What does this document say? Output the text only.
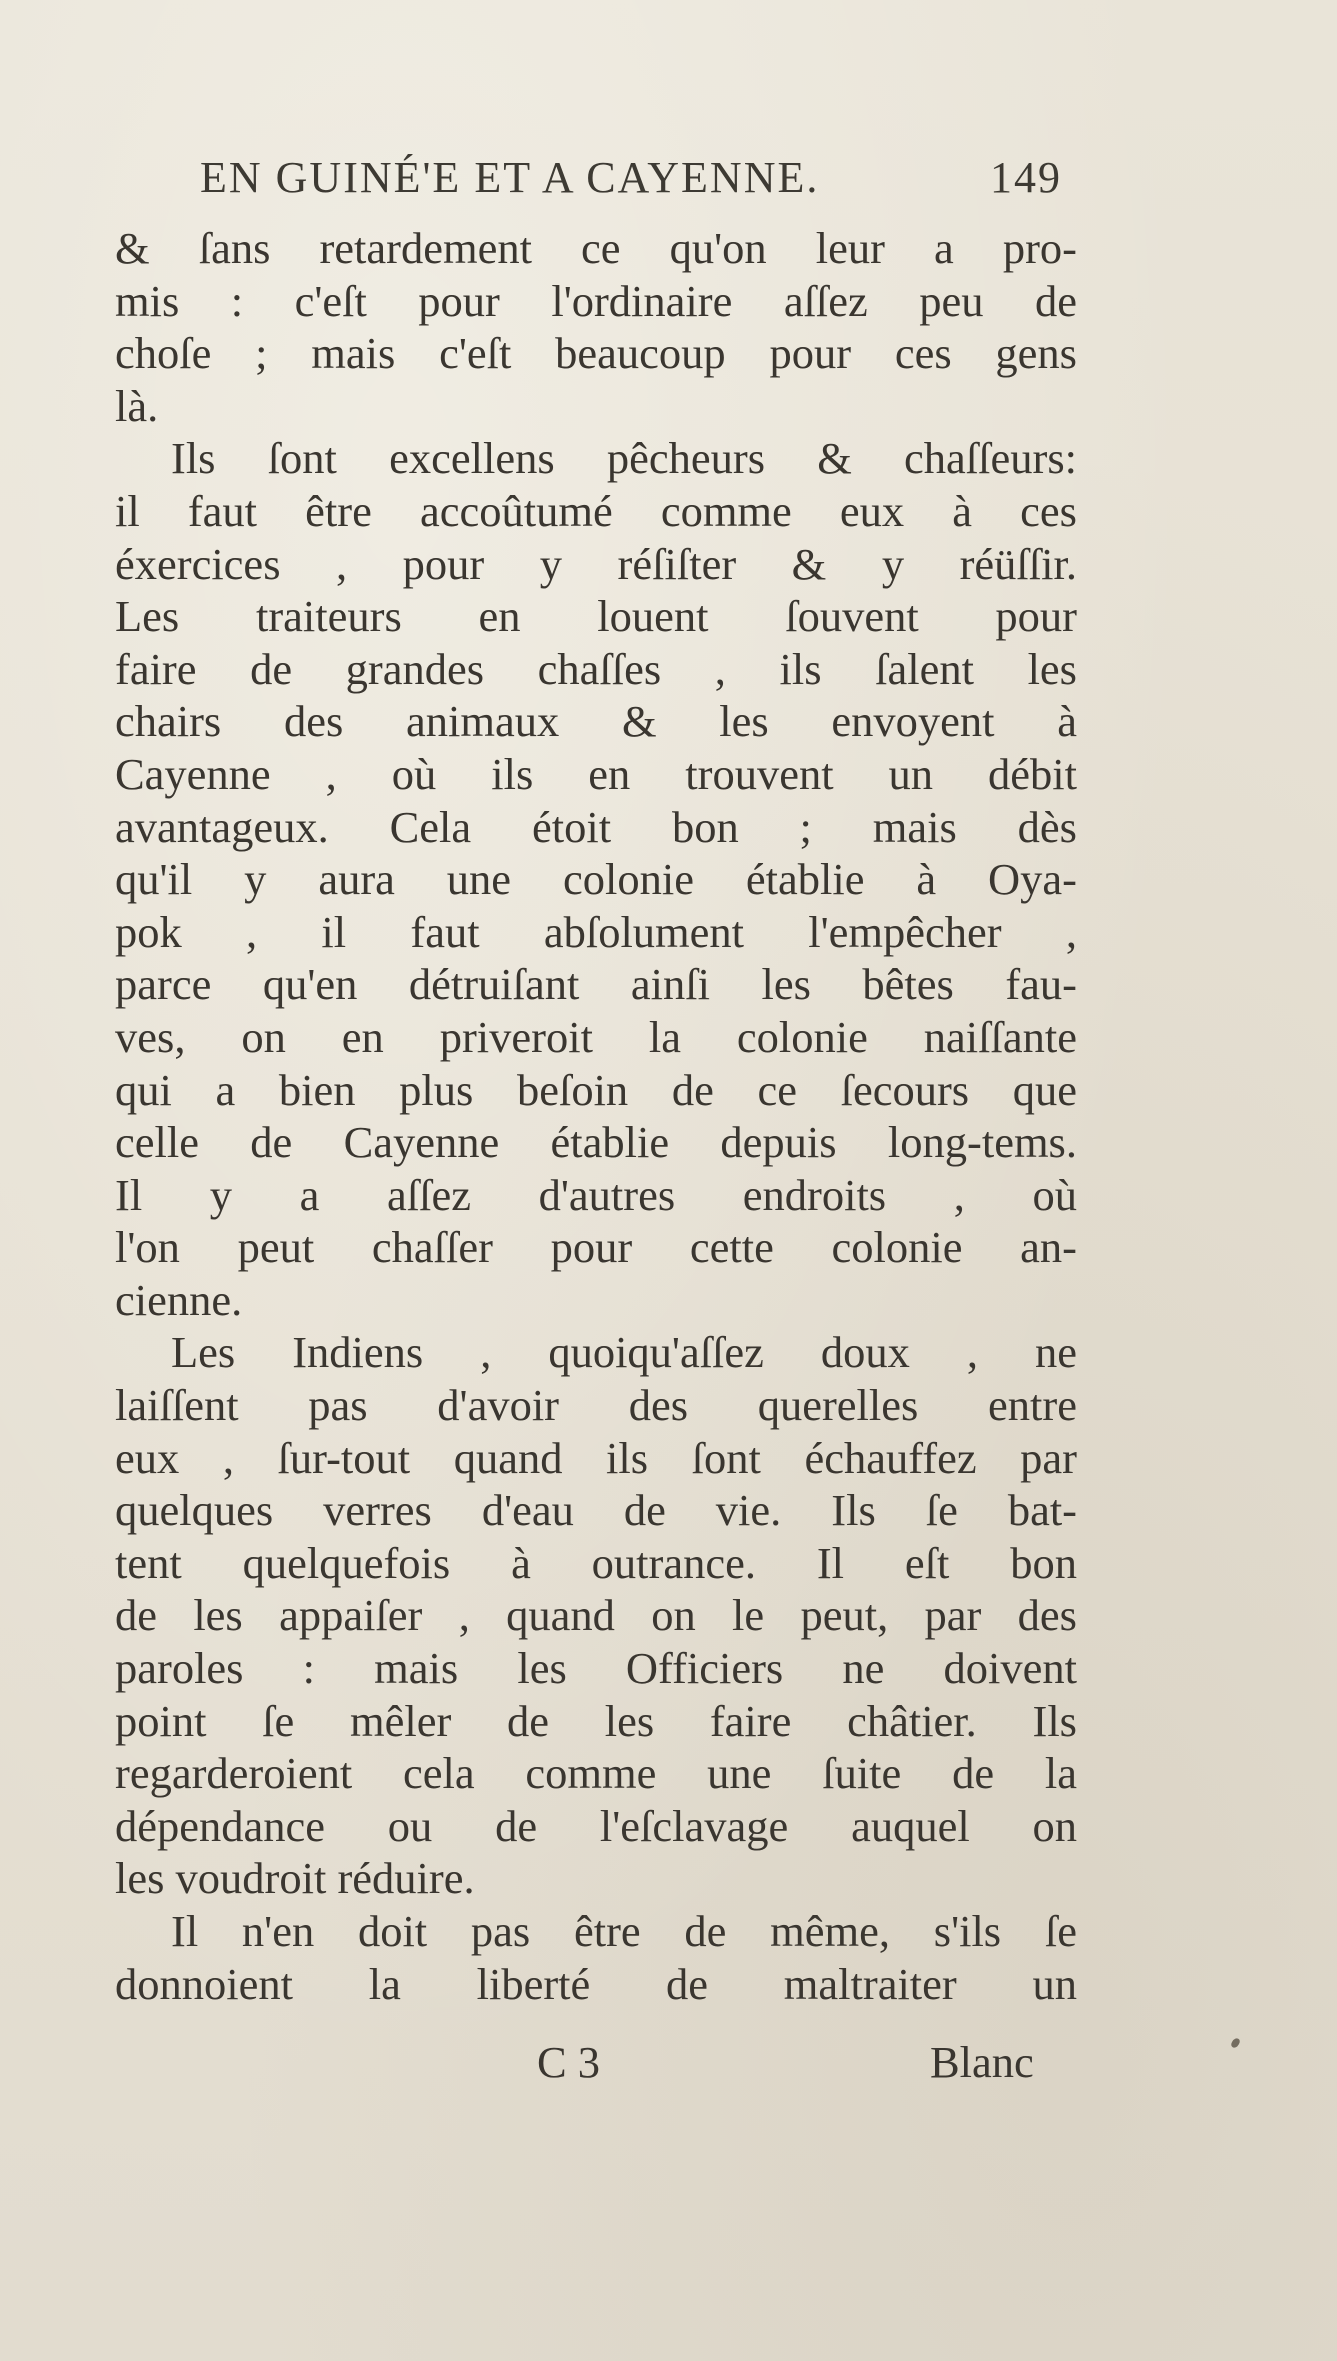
EN GUINÉ'E ET A CAYENNE.	149
& ſans retardement ce qu'on leur a pro-
mis : c'eſt pour l'ordinaire aſſez peu de
choſe ; mais c'eſt beaucoup pour ces gens
là.
Ils ſont excellens pêcheurs & chaſſeurs:
il faut être accoûtumé comme eux à ces
éxercices , pour y réſiſter & y réüſſir.
Les traiteurs en louent ſouvent pour
faire de grandes chaſſes , ils ſalent les
chairs des animaux & les envoyent à
Cayenne , où ils en trouvent un débit
avantageux. Cela étoit bon ; mais dès
qu'il y aura une colonie établie à Oya-
pok , il faut abſolument l'empêcher ,
parce qu'en détruiſant ainſi les bêtes fau-
ves, on en priveroit la colonie naiſſante
qui a bien plus beſoin de ce ſecours que
celle de Cayenne établie depuis long-tems.
Il y a aſſez d'autres endroits , où
l'on peut chaſſer pour cette colonie an-
cienne.
Les Indiens , quoiqu'aſſez doux , ne
laiſſent pas d'avoir des querelles entre
eux , ſur-tout quand ils ſont échauffez par
quelques verres d'eau de vie. Ils ſe bat-
tent quelquefois à outrance. Il eſt bon
de les appaiſer , quand on le peut, par des
paroles : mais les Officiers ne doivent
point ſe mêler de les faire châtier. Ils
regarderoient cela comme une ſuite de la
dépendance ou de l'eſclavage auquel on
les voudroit réduire.
Il n'en doit pas être de même, s'ils ſe
donnoient la liberté de maltraiter un
C 3	Blanc
